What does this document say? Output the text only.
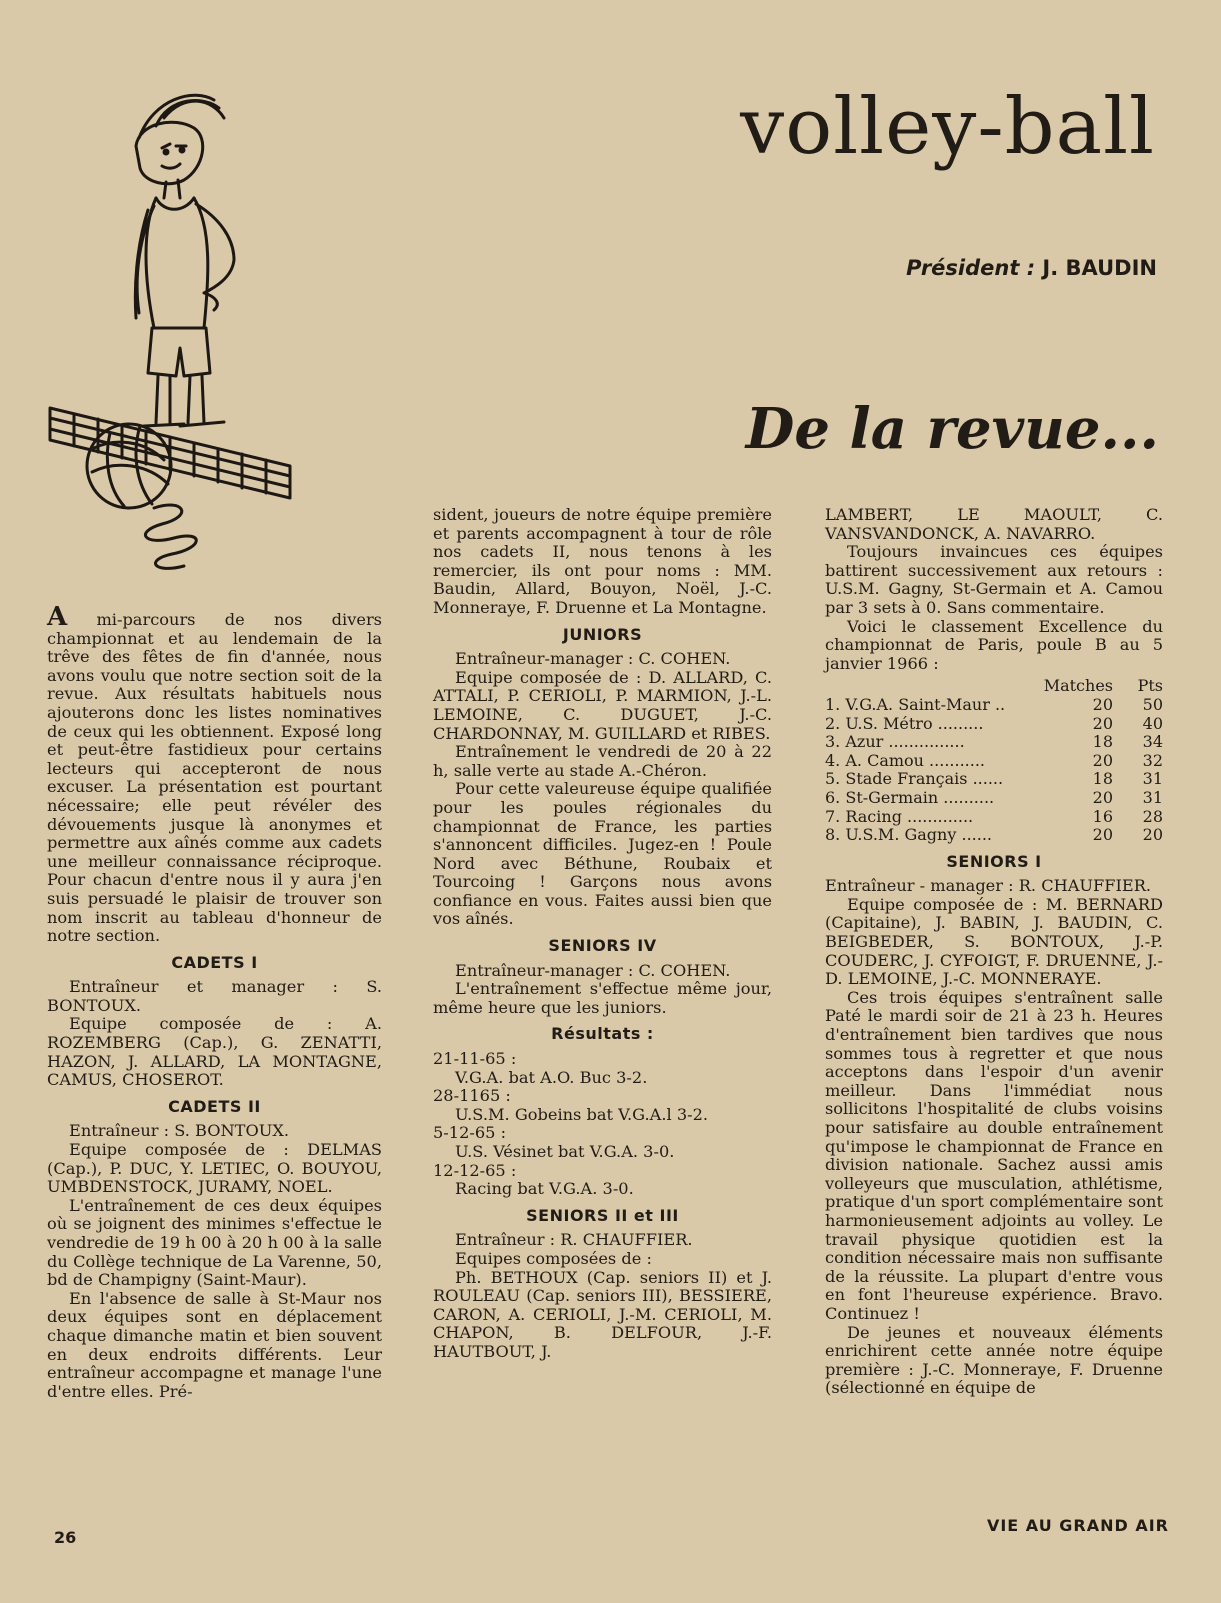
volley-ball
Président : J. BAUDIN
De la revue...

A mi-parcours de nos divers championnat et au lendemain de la trêve des fêtes de fin d'année, nous avons voulu que notre section soit de la revue. Aux résultats habituels nous ajouterons donc les listes nominatives de ceux qui les obtiennent. Exposé long et peut-être fastidieux pour certains lecteurs qui accepteront de nous excuser. La présentation est pourtant nécessaire; elle peut révéler des dévouements jusque là anonymes et permettre aux aînés comme aux cadets une meilleur connaissance réciproque. Pour chacun d'entre nous il y aura j'en suis persuadé le plaisir de trouver son nom inscrit au tableau d'honneur de notre section.

CADETS I

Entraîneur et manager : S. BONTOUX.

Equipe composée de : A. ROZEMBERG (Cap.), G. ZENATTI, HAZON, J. ALLARD, LA MONTAGNE, CAMUS, CHOSEROT.

CADETS II

Entraîneur : S. BONTOUX.

Equipe composée de : DELMAS (Cap.), P. DUC, Y. LETIEC, O. BOUYOU, UMBDENSTOCK, JURAMY, NOEL.

L'entraînement de ces deux équipes où se joignent des minimes s'effectue le vendredie de 19 h 00 à 20 h 00 à la salle du Collège technique de La Varenne, 50, bd de Champigny (Saint-Maur).

En l'absence de salle à St-Maur nos deux équipes sont en déplacement chaque dimanche matin et bien souvent en deux endroits différents. Leur entraîneur accompagne et manage l'une d'entre elles. Pré-

sident, joueurs de notre équipe première et parents accompagnent à tour de rôle nos cadets II, nous tenons à les remercier, ils ont pour noms : MM. Baudin, Allard, Bouyon, Noël, J.-C. Monneraye, F. Druenne et La Montagne.

JUNIORS

Entraîneur-manager : C. COHEN.

Equipe composée de : D. ALLARD, C. ATTALI, P. CERIOLI, P. MARMION, J.-L. LEMOINE, C. DUGUET, J.-C. CHARDONNAY, M. GUILLARD et RIBES.

Entraînement le vendredi de 20 à 22 h, salle verte au stade A.-Chéron.

Pour cette valeureuse équipe qualifiée pour les poules régionales du championnat de France, les parties s'annoncent difficiles. Jugez-en ! Poule Nord avec Béthune, Roubaix et Tourcoing ! Garçons nous avons confiance en vous. Faites aussi bien que vos aînés.

SENIORS IV

Entraîneur-manager : C. COHEN.

L'entraînement s'effectue même jour, même heure que les juniors.

Résultats :
21-11-65 :
V.G.A. bat A.O. Buc 3-2.
28-1165 :
U.S.M. Gobeins bat V.G.A.l 3-2.
5-12-65 :
U.S. Vésinet bat V.G.A. 3-0.
12-12-65 :
Racing bat V.G.A. 3-0.
SENIORS II et III

Entraîneur : R. CHAUFFIER.

Equipes composées de :

Ph. BETHOUX (Cap. seniors II) et J. ROULEAU (Cap. seniors III), BESSIERE, CARON, A. CERIOLI, J.-M. CERIOLI, M. CHAPON, B. DELFOUR, J.-F. HAUTBOUT, J.

LAMBERT, LE MAOULT, C. VANSVANDONCK, A. NAVARRO.

Toujours invaincues ces équipes battirent successivement aux retours : U.S.M. Gagny, St-Germain et A. Camou par 3 sets à 0. Sans commentaire.

Voici le classement Excellence du championnat de Paris, poule B au 5 janvier 1966 :

	Matches	Pts
1. V.G.A. Saint-Maur ..	20	50
2. U.S. Métro .........	20	40
3. Azur ...............	18	34
4. A. Camou ...........	20	32
5. Stade Français ......	18	31
6. St-Germain ..........	20	31
7. Racing .............	16	28
8. U.S.M. Gagny ......	20	20
SENIORS I

Entraîneur - manager : R. CHAUFFIER.

Equipe composée de : M. BERNARD (Capitaine), J. BABIN, J. BAUDIN, C. BEIGBEDER, S. BONTOUX, J.-P. COUDERC, J. CYFOIGT, F. DRUENNE, J.-D. LEMOINE, J.-C. MONNERAYE.

Ces trois équipes s'entraînent salle Paté le mardi soir de 21 à 23 h. Heures d'entraînement bien tardives que nous sommes tous à regretter et que nous acceptons dans l'espoir d'un avenir meilleur. Dans l'immédiat nous sollicitons l'hospitalité de clubs voisins pour satisfaire au double entraînement qu'impose le championnat de France en division nationale. Sachez aussi amis volleyeurs que musculation, athlétisme, pratique d'un sport complémentaire sont harmonieusement adjoints au volley. Le travail physique quotidien est la condition nécessaire mais non suffisante de la réussite. La plupart d'entre vous en font l'heureuse expérience. Bravo. Continuez !

De jeunes et nouveaux éléments enrichirent cette année notre équipe première : J.-C. Monneraye, F. Druenne (sélectionné en équipe de

26
VIE AU GRAND AIR
